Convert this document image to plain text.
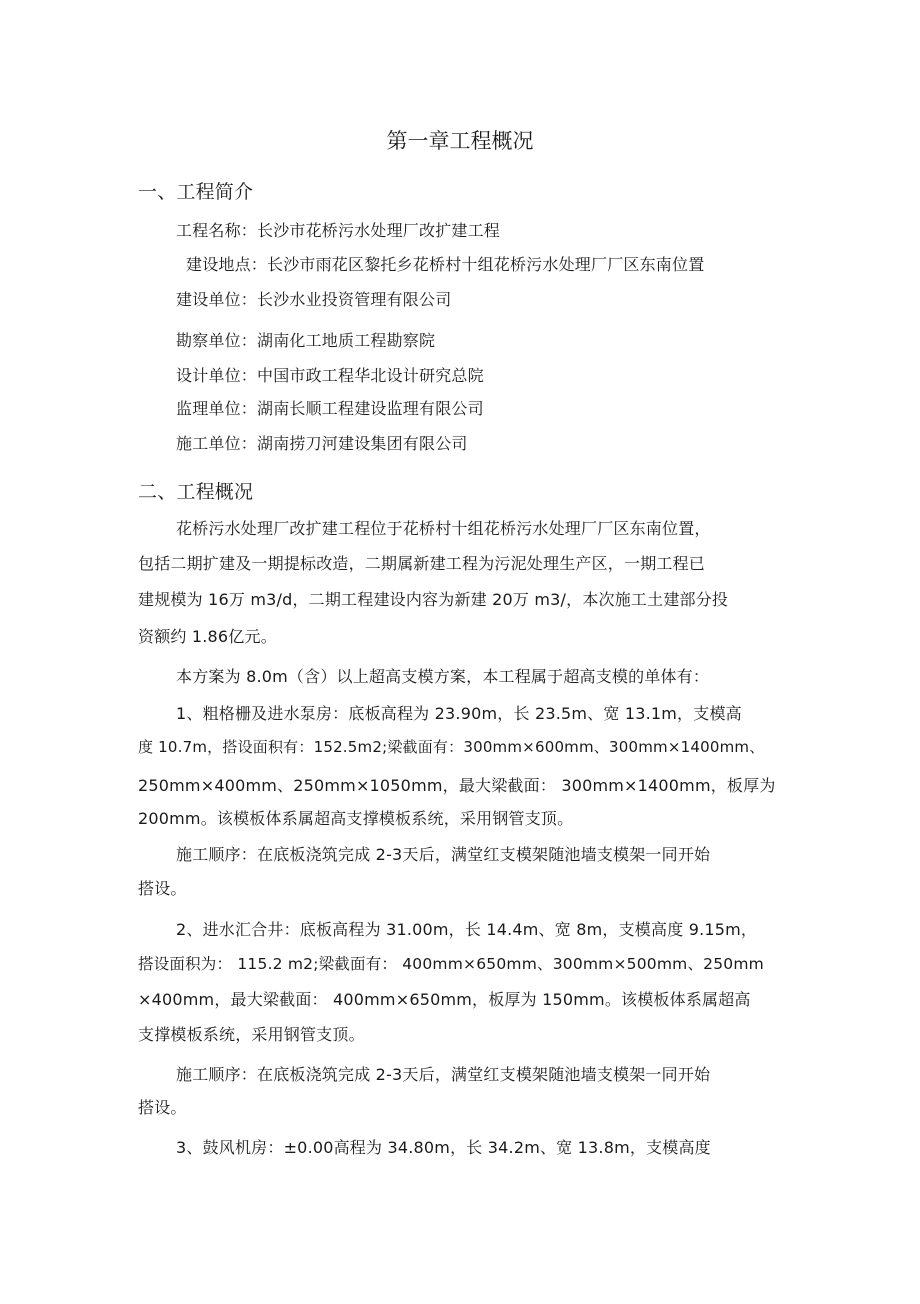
第一章工程概况
一、工程简介
工程名称：长沙市花桥污水处理厂改扩建工程
建设地点：长沙市雨花区黎托乡花桥村十组花桥污水处理厂厂区东南位置
建设单位：长沙水业投资管理有限公司
勘察单位：湖南化工地质工程勘察院
设计单位：中国市政工程华北设计研究总院
监理单位：湖南长顺工程建设监理有限公司
施工单位：湖南捞刀河建设集团有限公司
二、工程概况
花桥污水处理厂改扩建工程位于花桥村十组花桥污水处理厂厂区东南位置，
包括二期扩建及一期提标改造，二期属新建工程为污泥处理生产区，一期工程已
建规模为 16万 m3/d，二期工程建设内容为新建 20万 m3/，本次施工土建部分投
资额约 1.86亿元。
本方案为 8.0m（含）以上超高支模方案，本工程属于超高支模的单体有：
1、粗格栅及进水泵房：底板高程为 23.90m，长 23.5m、宽 13.1m，支模高
度 10.7m，搭设面积有：152.5m2;梁截面有：300mm×600mm、300mm×1400mm、
250mm×400mm、250mm×1050mm，最大梁截面： 300mm×1400mm，板厚为
200mm。该模板体系属超高支撑模板系统，采用钢管支顶。
施工顺序：在底板浇筑完成 2-3天后，满堂红支模架随池墙支模架一同开始
搭设。
2、进水汇合井：底板高程为 31.00m，长 14.4m、宽 8m，支模高度 9.15m，
搭设面积为： 115.2 m2;梁截面有： 400mm×650mm、300mm×500mm、250mm
×400mm，最大梁截面： 400mm×650mm，板厚为 150mm。该模板体系属超高
支撑模板系统，采用钢管支顶。
施工顺序：在底板浇筑完成 2-3天后，满堂红支模架随池墙支模架一同开始
搭设。
3、鼓风机房：±0.00高程为 34.80m，长 34.2m、宽 13.8m，支模高度
